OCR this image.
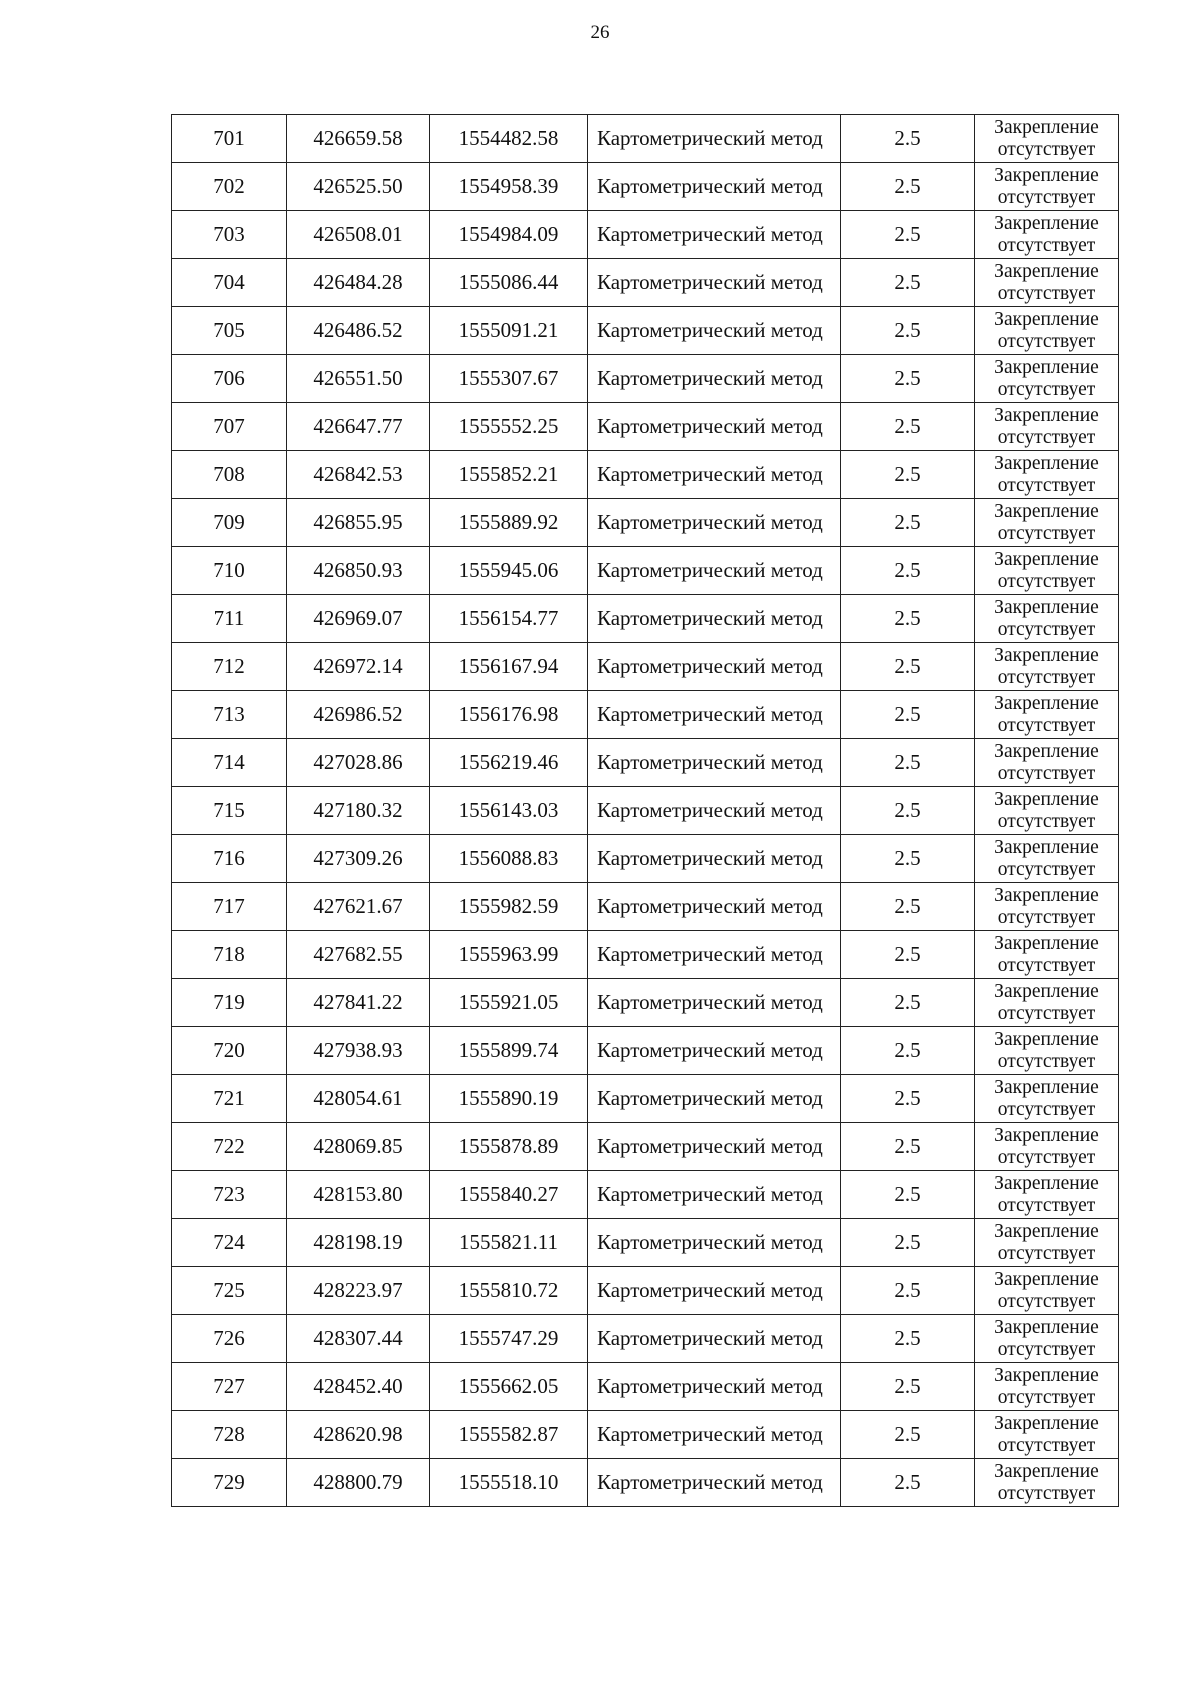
26
701	426659.58	1554482.58	Картометрический метод	2.5	Закрепление
отсутствует

702	426525.50	1554958.39	Картометрический метод	2.5	Закрепление
отсутствует

703	426508.01	1554984.09	Картометрический метод	2.5	Закрепление
отсутствует

704	426484.28	1555086.44	Картометрический метод	2.5	Закрепление
отсутствует

705	426486.52	1555091.21	Картометрический метод	2.5	Закрепление
отсутствует

706	426551.50	1555307.67	Картометрический метод	2.5	Закрепление
отсутствует

707	426647.77	1555552.25	Картометрический метод	2.5	Закрепление
отсутствует

708	426842.53	1555852.21	Картометрический метод	2.5	Закрепление
отсутствует

709	426855.95	1555889.92	Картометрический метод	2.5	Закрепление
отсутствует

710	426850.93	1555945.06	Картометрический метод	2.5	Закрепление
отсутствует

711	426969.07	1556154.77	Картометрический метод	2.5	Закрепление
отсутствует

712	426972.14	1556167.94	Картометрический метод	2.5	Закрепление
отсутствует

713	426986.52	1556176.98	Картометрический метод	2.5	Закрепление
отсутствует

714	427028.86	1556219.46	Картометрический метод	2.5	Закрепление
отсутствует

715	427180.32	1556143.03	Картометрический метод	2.5	Закрепление
отсутствует

716	427309.26	1556088.83	Картометрический метод	2.5	Закрепление
отсутствует

717	427621.67	1555982.59	Картометрический метод	2.5	Закрепление
отсутствует

718	427682.55	1555963.99	Картометрический метод	2.5	Закрепление
отсутствует

719	427841.22	1555921.05	Картометрический метод	2.5	Закрепление
отсутствует

720	427938.93	1555899.74	Картометрический метод	2.5	Закрепление
отсутствует

721	428054.61	1555890.19	Картометрический метод	2.5	Закрепление
отсутствует

722	428069.85	1555878.89	Картометрический метод	2.5	Закрепление
отсутствует

723	428153.80	1555840.27	Картометрический метод	2.5	Закрепление
отсутствует

724	428198.19	1555821.11	Картометрический метод	2.5	Закрепление
отсутствует

725	428223.97	1555810.72	Картометрический метод	2.5	Закрепление
отсутствует

726	428307.44	1555747.29	Картометрический метод	2.5	Закрепление
отсутствует

727	428452.40	1555662.05	Картометрический метод	2.5	Закрепление
отсутствует

728	428620.98	1555582.87	Картометрический метод	2.5	Закрепление
отсутствует

729	428800.79	1555518.10	Картометрический метод	2.5	Закрепление
отсутствует
